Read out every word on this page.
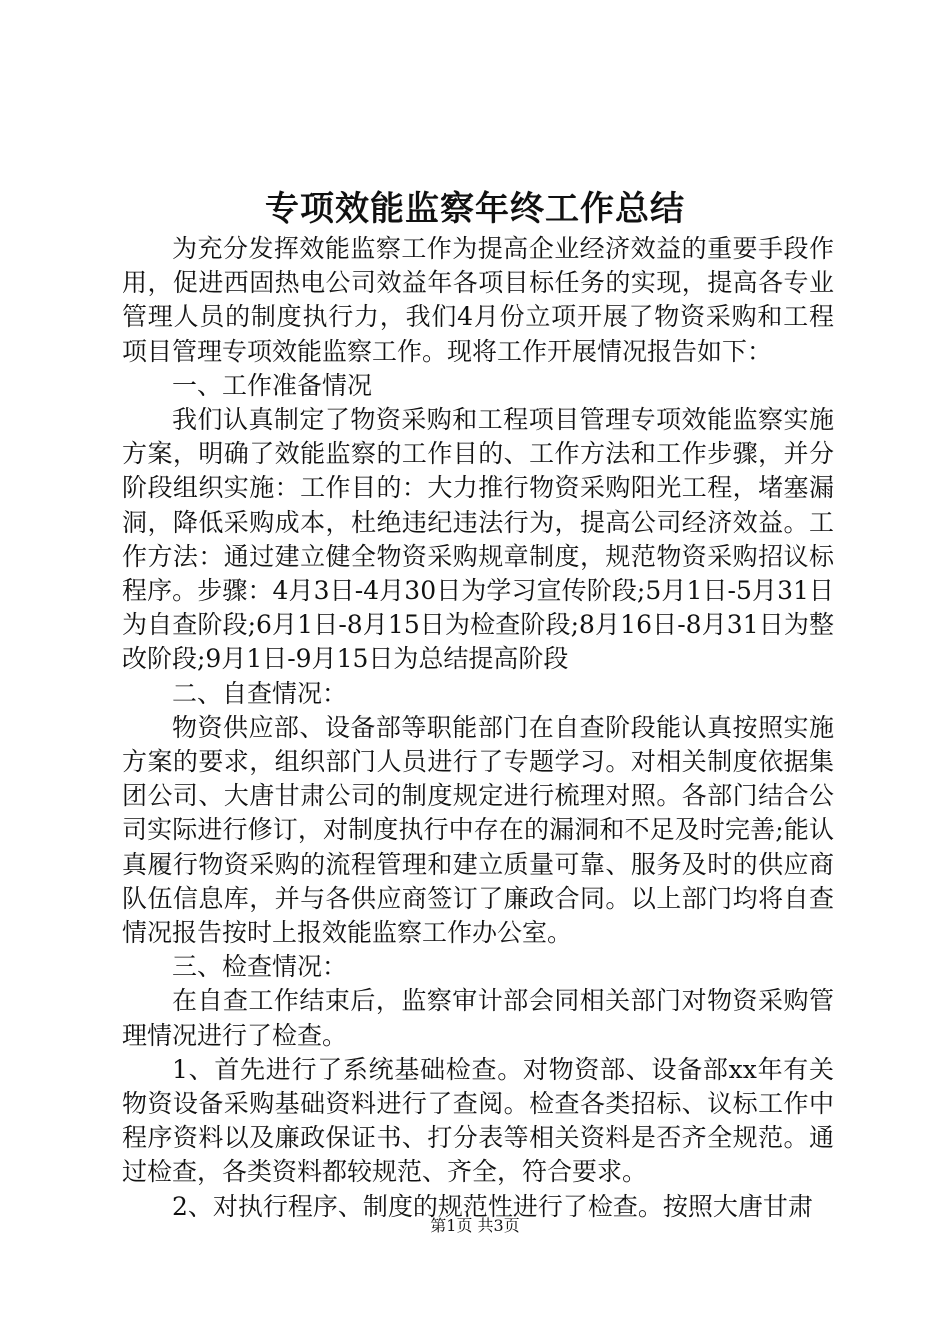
专项效能监察年终工作总结

为充分发挥效能监察工作为提高企业经济效益的重要手段作用，促进西固热电公司效益年各项目标任务的实现，提高各专业管理人员的制度执行力，我们4月份立项开展了物资采购和工程项目管理专项效能监察工作。现将工作开展情况报告如下：

一、工作准备情况

我们认真制定了物资采购和工程项目管理专项效能监察实施方案，明确了效能监察的工作目的、工作方法和工作步骤，并分阶段组织实施：工作目的：大力推行物资采购阳光工程，堵塞漏洞，降低采购成本，杜绝违纪违法行为，提高公司经济效益。工作方法：通过建立健全物资采购规章制度，规范物资采购招议标程序。步骤：4月3日-4月30日为学习宣传阶段;5月1日-5月31日为自查阶段;6月1日-8月15日为检查阶段;8月16日-8月31日为整改阶段;9月1日-9月15日为总结提高阶段

二、自查情况：

物资供应部、设备部等职能部门在自查阶段能认真按照实施方案的要求，组织部门人员进行了专题学习。对相关制度依据集团公司、大唐甘肃公司的制度规定进行梳理对照。各部门结合公司实际进行修订，对制度执行中存在的漏洞和不足及时完善;能认真履行物资采购的流程管理和建立质量可靠、服务及时的供应商队伍信息库，并与各供应商签订了廉政合同。以上部门均将自查情况报告按时上报效能监察工作办公室。

三、检查情况：

在自查工作结束后，监察审计部会同相关部门对物资采购管理情况进行了检查。

1、首先进行了系统基础检查。对物资部、设备部xx年有关物资设备采购基础资料进行了查阅。检查各类招标、议标工作中程序资料以及廉政保证书、打分表等相关资料是否齐全规范。通过检查，各类资料都较规范、齐全，符合要求。

2、对执行程序、制度的规范性进行了检查。按照大唐甘肃

第1页 共3页
